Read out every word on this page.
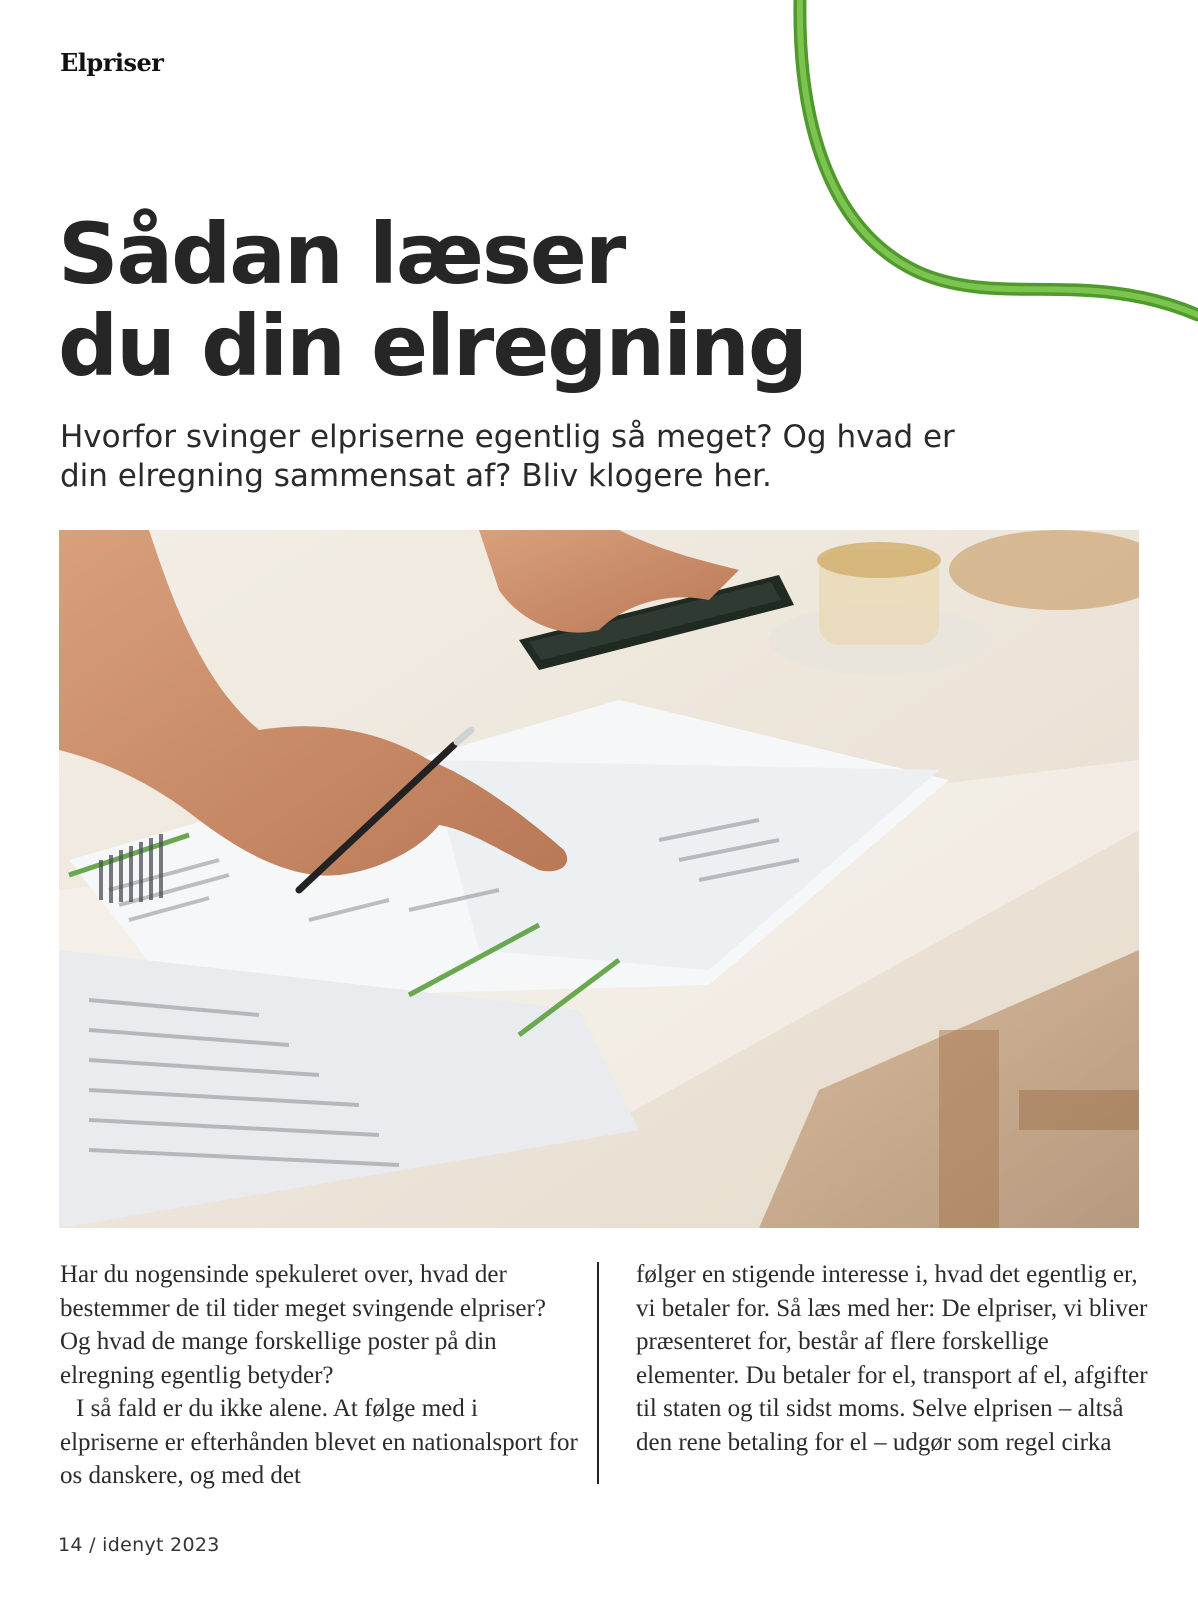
Elpriser
Sådan læser
du din elregning

Hvorfor svinger elpriserne egentlig så meget? Og hvad er din elregning sammensat af? Bliv klogere her.

Har du nogensinde spekuleret over, hvad der bestemmer de til tider meget svingende elpriser? Og hvad de mange forskellige poster på din elregning egentlig betyder?

I så fald er du ikke alene. At følge med i elpriserne er efterhånden blevet en nationalsport for os danskere, og med det

følger en stigende interesse i, hvad det egentlig er, vi betaler for. Så læs med her: De elpriser, vi bliver præsenteret for, består af flere forskellige elementer. Du betaler for el, transport af el, afgifter til staten og til sidst moms. Selve elprisen – altså den rene betaling for el – udgør som regel cirka

14 / idenyt 2023
